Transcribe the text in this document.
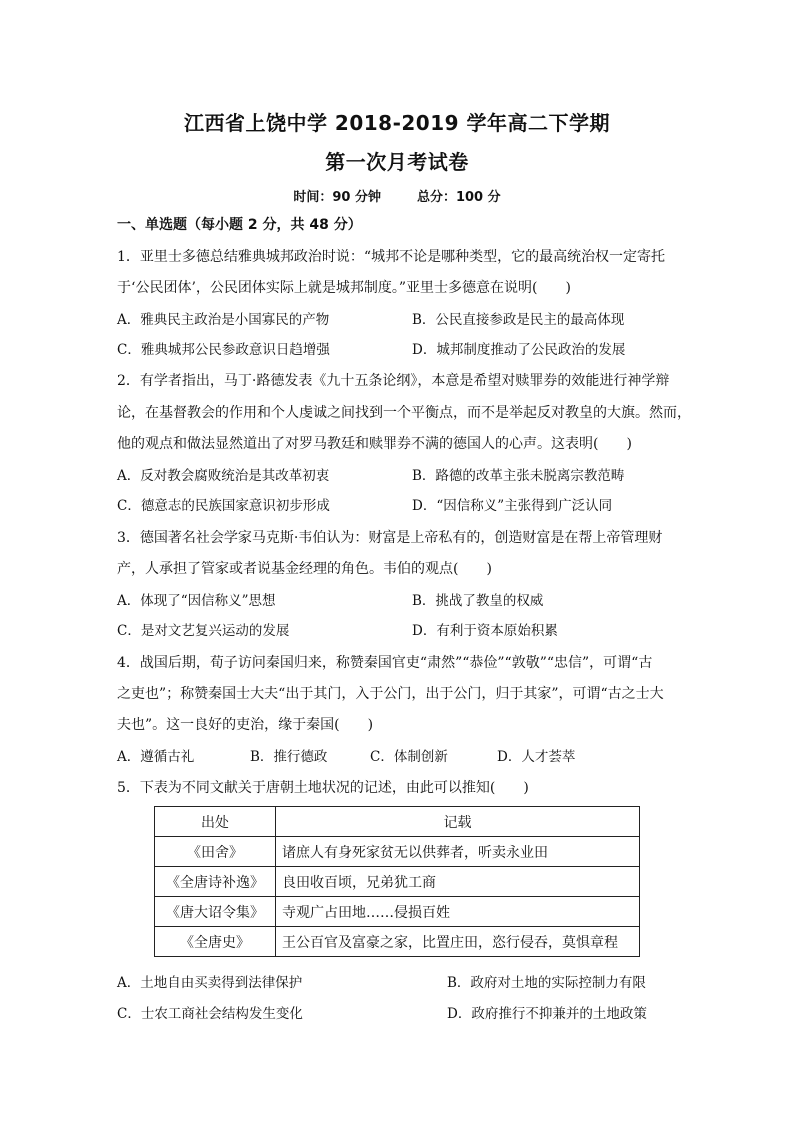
江西省上饶中学 2018-2019 学年高二下学期
第一次月考试卷
时间：90 分钟	总分：100 分
一、单选题（每小题 2 分，共 48 分）
1．亚里士多德总结雅典城邦政治时说：“城邦不论是哪种类型，它的最高统治权一定寄托
于‘公民团体’，公民团体实际上就是城邦制度。”亚里士多德意在说明(　　)
A．雅典民主政治是小国寡民的产物	B．公民直接参政是民主的最高体现
C．雅典城邦公民参政意识日趋增强	D．城邦制度推动了公民政治的发展
2．有学者指出，马丁·路德发表《九十五条论纲》，本意是希望对赎罪券的效能进行神学辩
论，在基督教会的作用和个人虔诚之间找到一个平衡点，而不是举起反对教皇的大旗。然而，
他的观点和做法显然道出了对罗马教廷和赎罪券不满的德国人的心声。这表明(　　)
A．反对教会腐败统治是其改革初衷	B．路德的改革主张未脱离宗教范畴
C．德意志的民族国家意识初步形成	D．“因信称义”主张得到广泛认同
3．德国著名社会学家马克斯·韦伯认为：财富是上帝私有的，创造财富是在帮上帝管理财
产，人承担了管家或者说基金经理的角色。韦伯的观点(　　)
A．体现了“因信称义”思想	B．挑战了教皇的权威
C．是对文艺复兴运动的发展	D．有利于资本原始积累
4．战国后期，荀子访问秦国归来，称赞秦国官吏“肃然”“恭俭”“敦敬”“忠信”，可谓“古
之吏也”；称赞秦国士大夫“出于其门，入于公门，出于公门，归于其家”，可谓“古之士大
夫也”。这一良好的吏治，缘于秦国(　　)
A．遵循古礼	B．推行德政	C．体制创新	D．人才荟萃
5．下表为不同文献关于唐朝土地状况的记述，由此可以推知(　　)
出处	记载
《田舍》	诸庶人有身死家贫无以供葬者，听卖永业田
《全唐诗补逸》	良田收百顷，兄弟犹工商
《唐大诏令集》	寺观广占田地……侵损百姓
《全唐史》	王公百官及富豪之家，比置庄田，恣行侵吞，莫惧章程
A．土地自由买卖得到法律保护	B．政府对土地的实际控制力有限
C．士农工商社会结构发生变化	D．政府推行不抑兼并的土地政策
